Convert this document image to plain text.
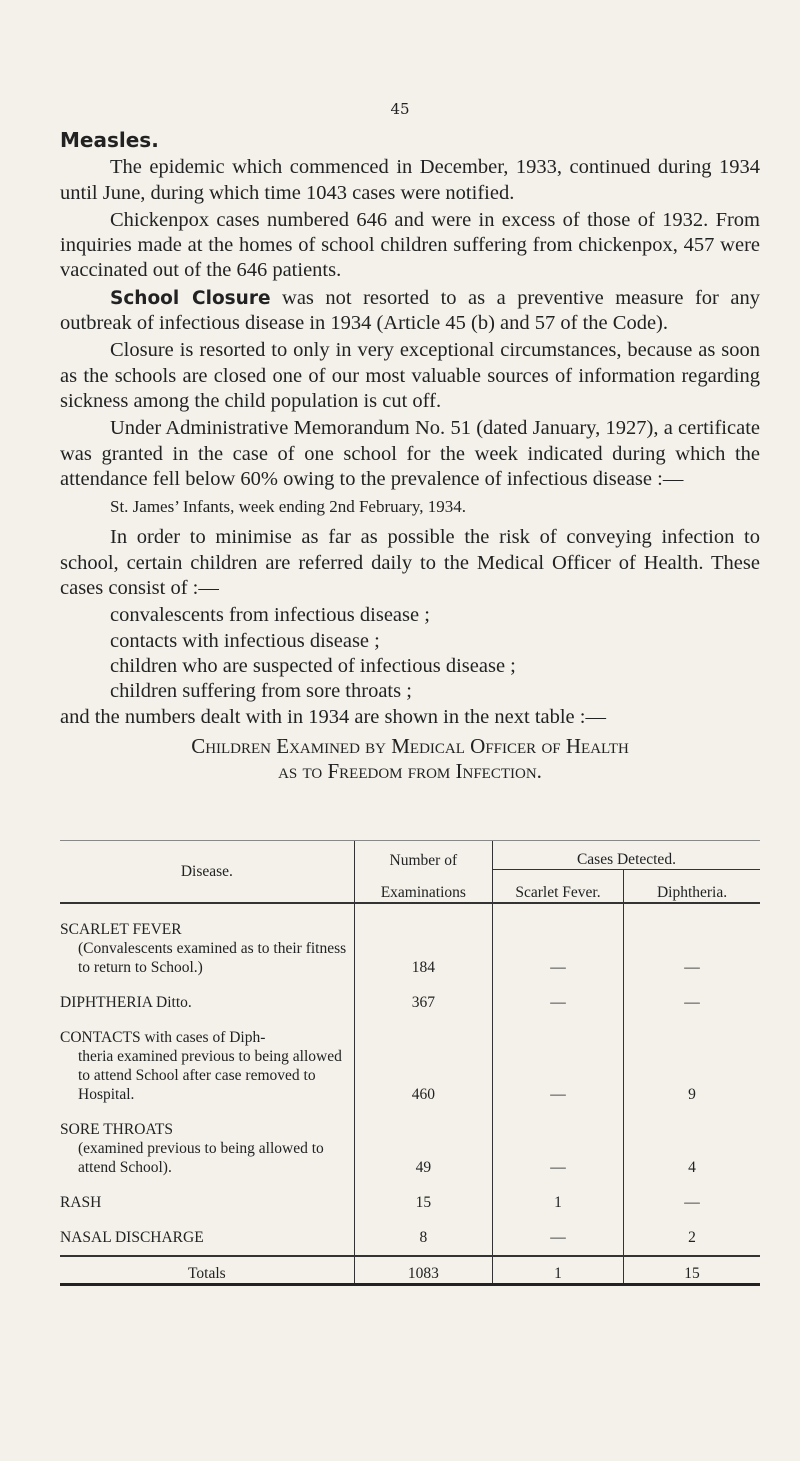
45
Measles.

The epidemic which commenced in December, 1933, continued during 1934 until June, during which time 1043 cases were notified.

Chickenpox cases numbered 646 and were in excess of those of 1932. From inquiries made at the homes of school children suffering from chickenpox, 457 were vaccinated out of the 646 patients.

School Closure was not resorted to as a preventive measure for any outbreak of infectious disease in 1934 (Article 45 (b) and 57 of the Code).

Closure is resorted to only in very exceptional circumstances, because as soon as the schools are closed one of our most valuable sources of information regarding sickness among the child population is cut off.

Under Administrative Memorandum No. 51 (dated January, 1927), a certificate was granted in the case of one school for the week indicated during which the attendance fell below 60% owing to the prevalence of infectious disease :—

St. James’ Infants, week ending 2nd February, 1934.

In order to minimise as far as possible the risk of conveying infection to school, certain children are referred daily to the Medical Officer of Health. These cases consist of :—

convalescents from infectious disease ;
contacts with infectious disease ;
children who are suspected of infectious disease ;
children suffering from sore throats ;
and the numbers dealt with in 1934 are shown in the next table :—
Children Examined by Medical Officer of Health
as to Freedom from Infection.
Disease.	Number of	Cases Detected.	
	Examinations	Scarlet Fever.	Diphtheria.
SCARLET FEVER
(Convalescents examined as to their fitness to return to School.)	184	—	—
DIPHTHERIA Ditto.	367	—	—
CONTACTS with cases of Diph-
theria examined previous to being allowed to attend School after case removed to Hospital.	460	—	9
SORE THROATS
(examined previous to being allowed to attend School).	49	—	4
RASH	15	1	—
NASAL DISCHARGE	8	—	2
Totals	1083	1	15
